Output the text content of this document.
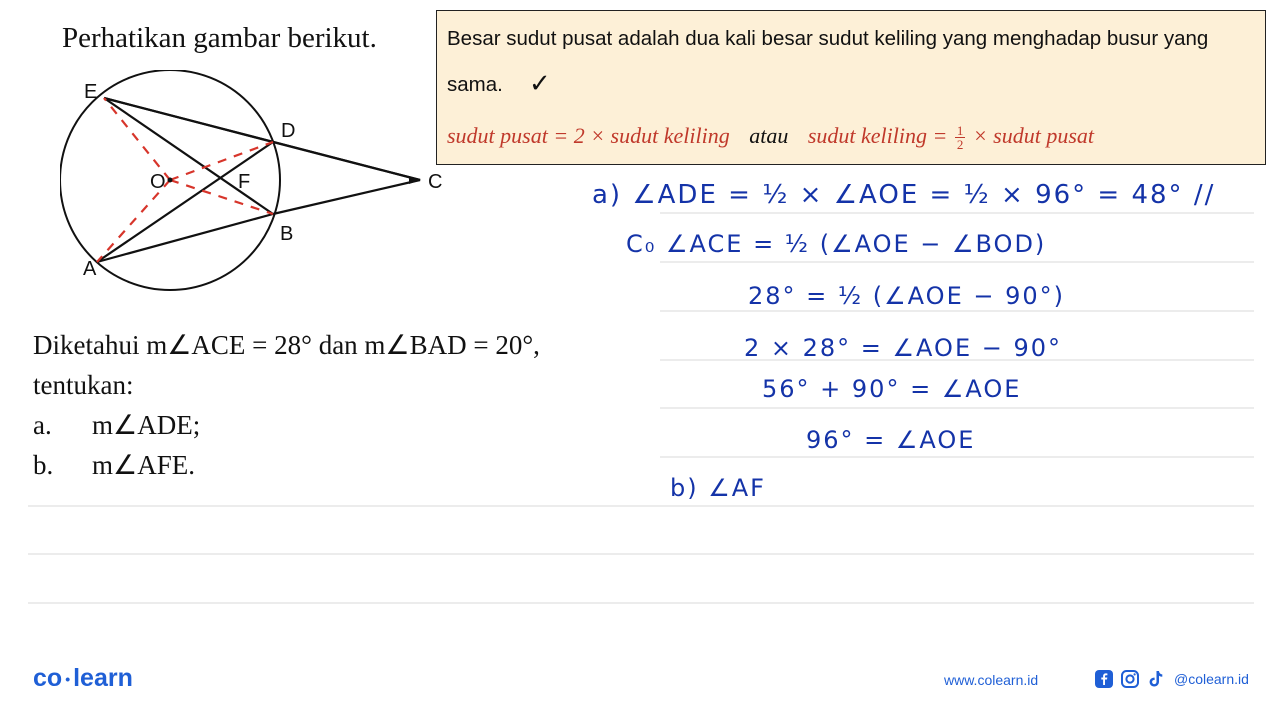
Perhatikan gambar berikut.
E
D
O	F	C
B
A
Diketahui m∠ACE = 28° dan m∠BAD = 20°,
tentukan:
a. m∠ADE;
b. m∠AFE.
Besar sudut pusat adalah dua kali besar sudut keliling yang menghadap busur yang
sama. ✓
sudut pusat = 2 × sudut keliling atau sudut keliling = $\frac{1}{2}$ × sudut pusat
a) ∠ADE = ½ × ∠AOE = ½ × 96° = 48° //
C₀ ∠ACE = ½ (∠AOE − ∠BOD)
28° = ½ (∠AOE − 90°)
2 × 28° = ∠AOE − 90°
56° + 90° = ∠AOE
96° = ∠AOE
b) ∠AF
co • learn	www.colearn.id	@colearn.id
